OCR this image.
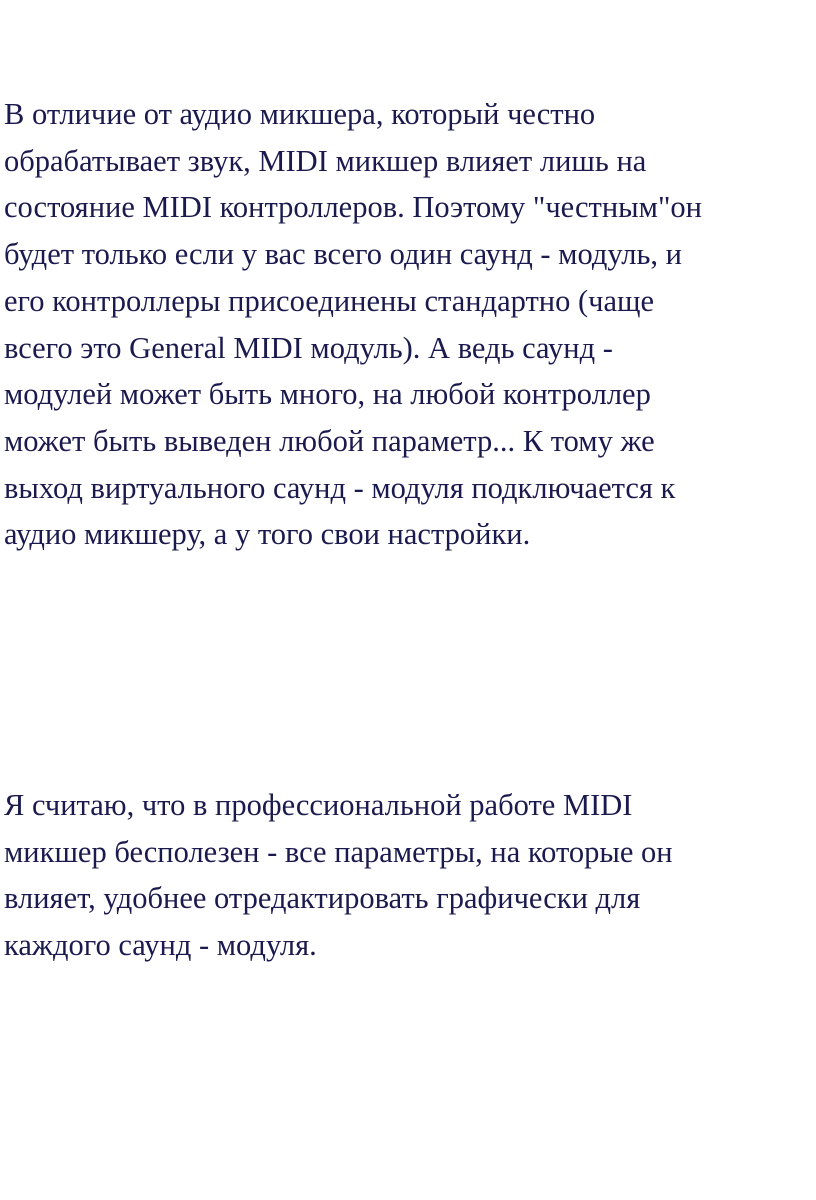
В отличие от аудио микшера, который честно
обрабатывает звук, MIDI микшер влияет лишь на
состояние MIDI контроллеров. Поэтому "честным"он
будет только если у вас всего один саунд - модуль, и
его контроллеры присоединены стандартно (чаще
всего это General MIDI модуль). А ведь саунд -
модулей может быть много, на любой контроллер
может быть выведен любой параметр... К тому же
выход виртуального саунд - модуля подключается к
аудио микшеру, а у того свои настройки.

Я считаю, что в профессиональной работе MIDI
микшер бесполезен - все параметры, на которые он
влияет, удобнее отредактировать графически для
каждого саунд - модуля.
